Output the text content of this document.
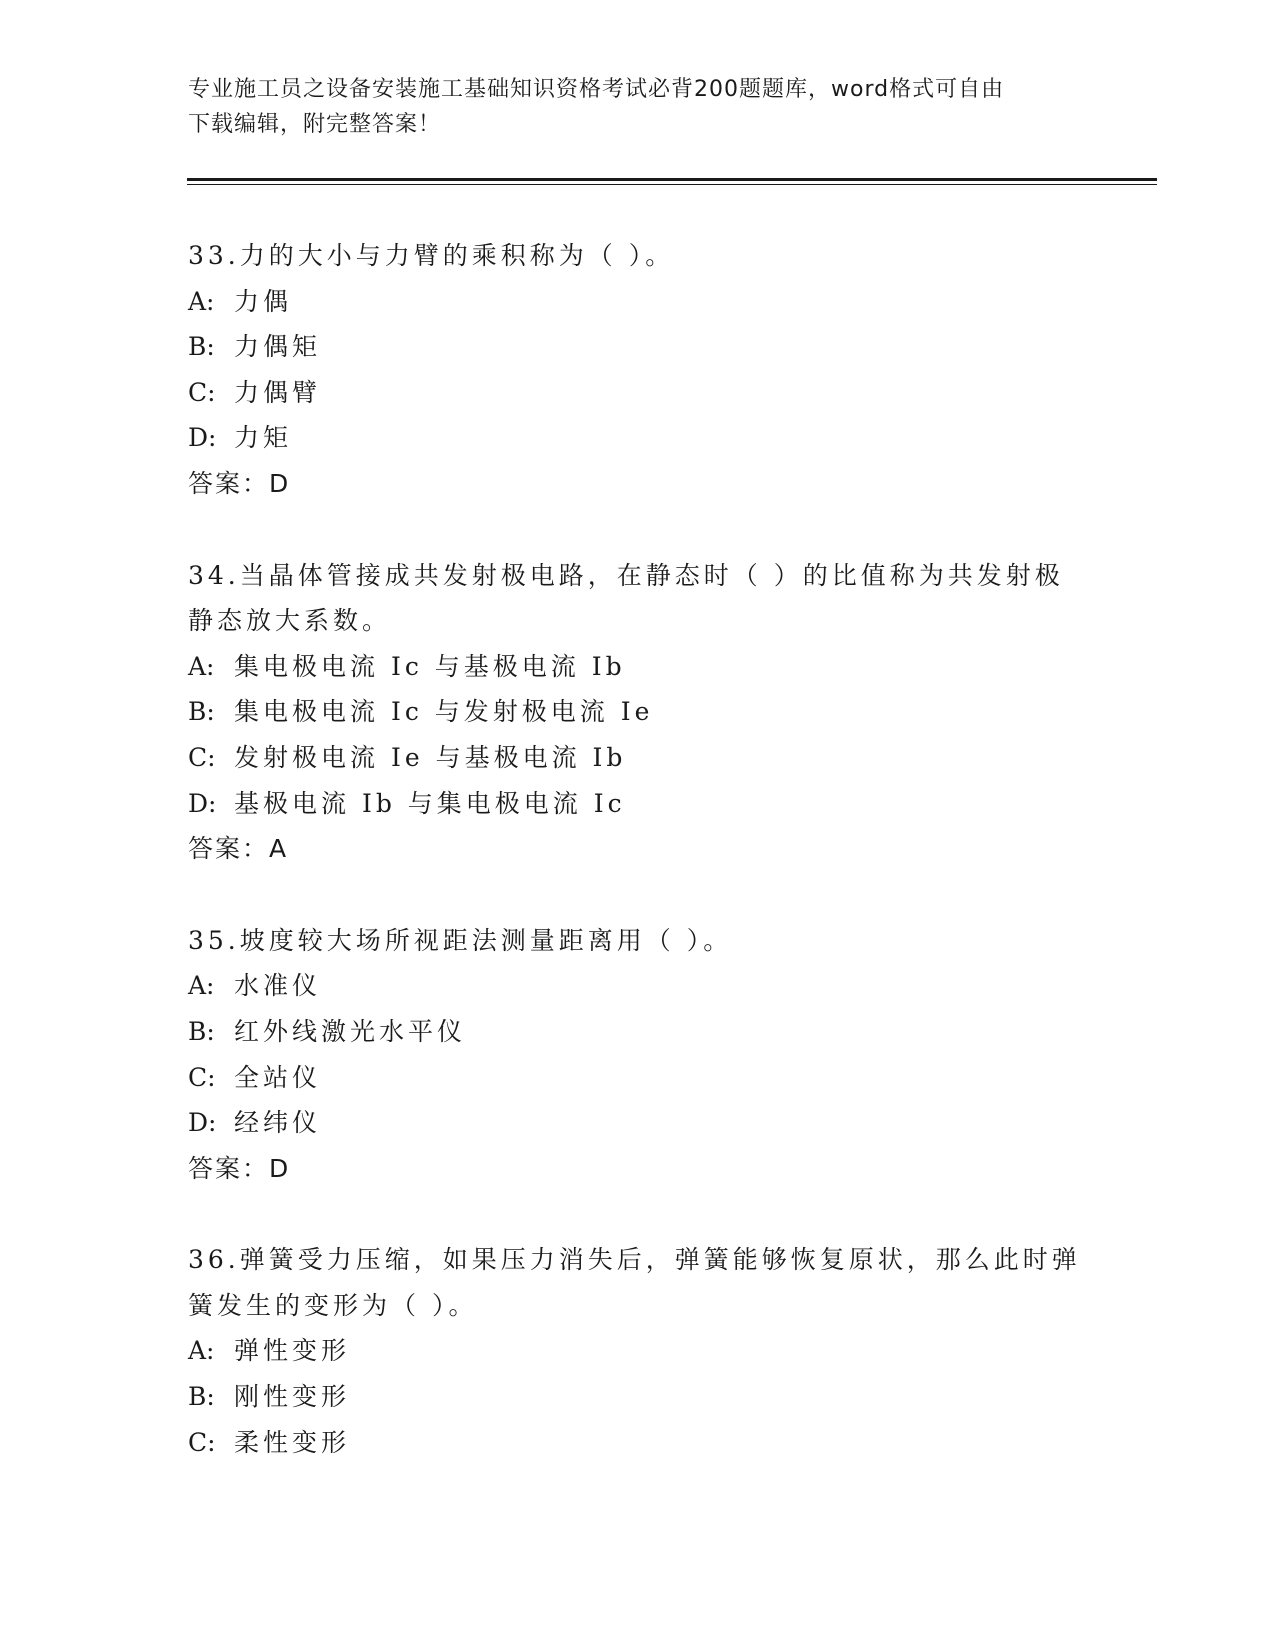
专业施工员之设备安装施工基础知识资格考试必背200题题库，word格式可自由
下载编辑，附完整答案！
33.力的大小与力臂的乘积称为（ ）。
A: 力偶
B: 力偶矩
C: 力偶臂
D: 力矩
答案：D
34.当晶体管接成共发射极电路，在静态时（ ）的比值称为共发射极
静态放大系数。
A: 集电极电流 Ic 与基极电流 Ib
B: 集电极电流 Ic 与发射极电流 Ie
C: 发射极电流 Ie 与基极电流 Ib
D: 基极电流 Ib 与集电极电流 Ic
答案：A
35.坡度较大场所视距法测量距离用（ ）。
A: 水准仪
B: 红外线激光水平仪
C: 全站仪
D: 经纬仪
答案：D
36.弹簧受力压缩，如果压力消失后，弹簧能够恢复原状，那么此时弹
簧发生的变形为（ ）。
A: 弹性变形
B: 刚性变形
C: 柔性变形
